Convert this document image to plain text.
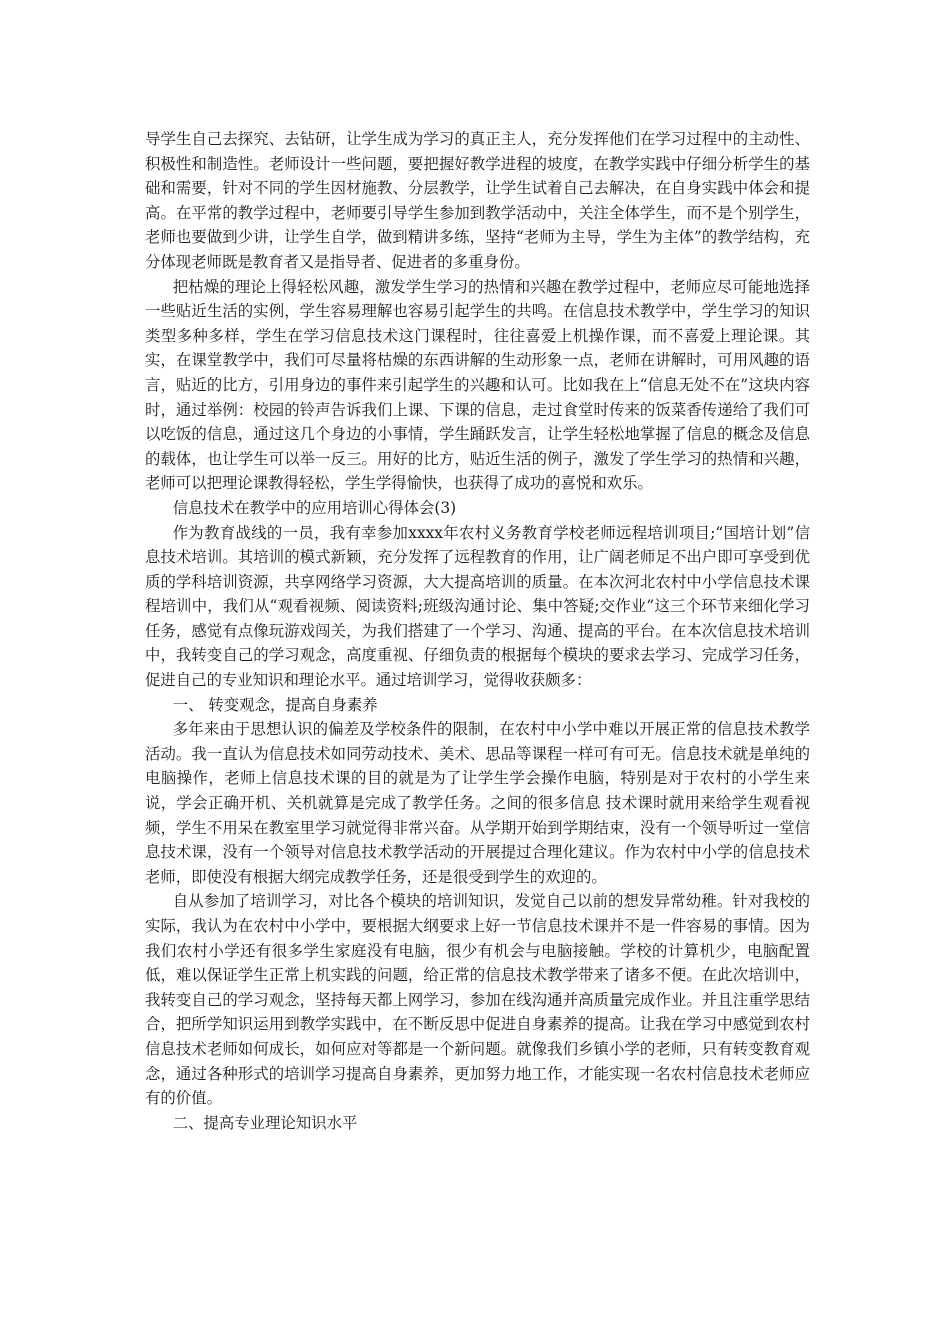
导学生自己去探究、去钻研，让学生成为学习的真正主人，充分发挥他们在学习过程中的主动性、积极性和制造性。老师设计一些问题，要把握好教学进程的坡度，在教学实践中仔细分析学生的基础和需要，针对不同的学生因材施教、分层教学，让学生试着自己去解决，在自身实践中体会和提高。在平常的教学过程中，老师要引导学生参加到教学活动中，关注全体学生，而不是个别学生，老师也要做到少讲，让学生自学，做到精讲多练，坚持“老师为主导，学生为主体”的教学结构，充分体现老师既是教育者又是指导者、促进者的多重身份。

把枯燥的理论上得轻松风趣，激发学生学习的热情和兴趣在教学过程中，老师应尽可能地选择一些贴近生活的实例，学生容易理解也容易引起学生的共鸣。在信息技术教学中，学生学习的知识类型多种多样，学生在学习信息技术这门课程时，往往喜爱上机操作课，而不喜爱上理论课。其实，在课堂教学中，我们可尽量将枯燥的东西讲解的生动形象一点，老师在讲解时，可用风趣的语言，贴近的比方，引用身边的事件来引起学生的兴趣和认可。比如我在上“信息无处不在”这块内容时，通过举例：校园的铃声告诉我们上课、下课的信息，走过食堂时传来的饭菜香传递给了我们可以吃饭的信息，通过这几个身边的小事情，学生踊跃发言，让学生轻松地掌握了信息的概念及信息的载体，也让学生可以举一反三。用好的比方，贴近生活的例子，激发了学生学习的热情和兴趣，老师可以把理论课教得轻松，学生学得愉快，也获得了成功的喜悦和欢乐。

信息技术在教学中的应用培训心得体会(3)

作为教育战线的一员，我有幸参加xxxx年农村义务教育学校老师远程培训项目;“国培计划”信息技术培训。其培训的模式新颖，充分发挥了远程教育的作用，让广阔老师足不出户即可享受到优质的学科培训资源，共享网络学习资源，大大提高培训的质量。在本次河北农村中小学信息技术课程培训中，我们从“观看视频、阅读资料;班级沟通讨论、集中答疑;交作业”这三个环节来细化学习任务，感觉有点像玩游戏闯关，为我们搭建了一个学习、沟通、提高的平台。在本次信息技术培训中，我转变自己的学习观念，高度重视、仔细负责的根据每个模块的要求去学习、完成学习任务，促进自己的专业知识和理论水平。通过培训学习，觉得收获颇多：

一、 转变观念，提高自身素养

多年来由于思想认识的偏差及学校条件的限制，在农村中小学中难以开展正常的信息技术教学活动。我一直认为信息技术如同劳动技术、美术、思品等课程一样可有可无。信息技术就是单纯的电脑操作，老师上信息技术课的目的就是为了让学生学会操作电脑，特别是对于农村的小学生来说，学会正确开机、关机就算是完成了教学任务。之间的很多信息 技术课时就用来给学生观看视频，学生不用呆在教室里学习就觉得非常兴奋。从学期开始到学期结束，没有一个领导听过一堂信息技术课，没有一个领导对信息技术教学活动的开展提过合理化建议。作为农村中小学的信息技术老师，即使没有根据大纲完成教学任务，还是很受到学生的欢迎的。

自从参加了培训学习，对比各个模块的培训知识，发觉自己以前的想发异常幼稚。针对我校的实际，我认为在农村中小学中，要根据大纲要求上好一节信息技术课并不是一件容易的事情。因为我们农村小学还有很多学生家庭没有电脑，很少有机会与电脑接触。学校的计算机少，电脑配置低，难以保证学生正常上机实践的问题，给正常的信息技术教学带来了诸多不便。在此次培训中，我转变自己的学习观念，坚持每天都上网学习，参加在线沟通并高质量完成作业。并且注重学思结合，把所学知识运用到教学实践中，在不断反思中促进自身素养的提高。让我在学习中感觉到农村信息技术老师如何成长，如何应对等都是一个新问题。就像我们乡镇小学的老师，只有转变教育观念，通过各种形式的培训学习提高自身素养，更加努力地工作，才能实现一名农村信息技术老师应有的价值。

二、提高专业理论知识水平
